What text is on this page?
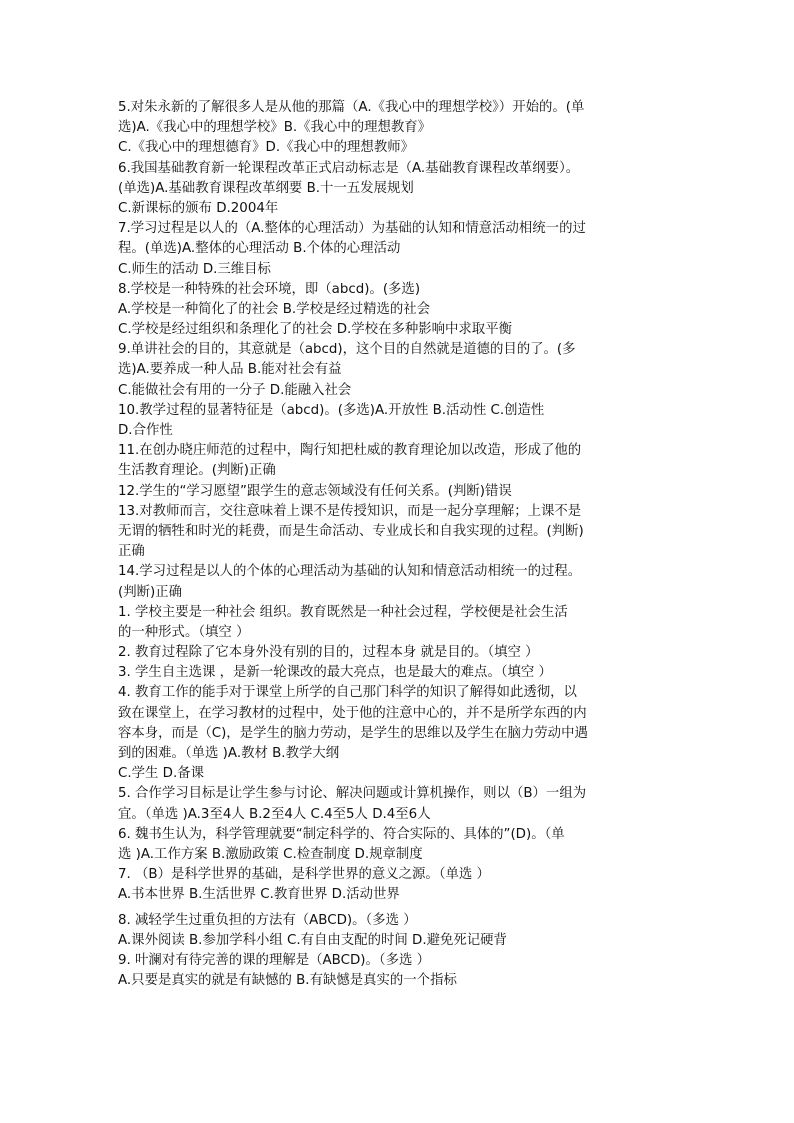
5.对朱永新的了解很多人是从他的那篇（A.《我心中的理想学校》）开始的。(单
选)A.《我心中的理想学校》B.《我心中的理想教育》
C.《我心中的理想德育》D.《我心中的理想教师》
6.我国基础教育新一轮课程改革正式启动标志是（A.基础教育课程改革纲要）。
(单选)A.基础教育课程改革纲要 B.十一五发展规划
C.新课标的颁布 D.2004年
7.学习过程是以人的（A.整体的心理活动）为基础的认知和情意活动相统一的过
程。(单选)A.整体的心理活动 B.个体的心理活动
C.师生的活动 D.三维目标
8.学校是一种特殊的社会环境，即（abcd)。(多选)
A.学校是一种简化了的社会 B.学校是经过精选的社会
C.学校是经过组织和条理化了的社会 D.学校在多种影响中求取平衡
9.单讲社会的目的，其意就是（abcd)，这个目的自然就是道德的目的了。(多
选)A.要养成一种人品 B.能对社会有益
C.能做社会有用的一分子 D.能融入社会
10.教学过程的显著特征是（abcd)。(多选)A.开放性 B.活动性 C.创造性
D.合作性
11.在创办晓庄师范的过程中，陶行知把杜威的教育理论加以改造，形成了他的
生活教育理论。(判断)正确
12.学生的“学习愿望”跟学生的意志领域没有任何关系。(判断)错误
13.对教师而言，交往意味着上课不是传授知识，而是一起分享理解；上课不是
无谓的牺牲和时光的耗费，而是生命活动、专业成长和自我实现的过程。(判断)
正确
14.学习过程是以人的个体的心理活动为基础的认知和情意活动相统一的过程。
(判断)正确
1. 学校主要是一种社会 组织。教育既然是一种社会过程，学校便是社会生活
的一种形式。（填空 ）
2. 教育过程除了它本身外没有别的目的，过程本身 就是目的。（填空 ）
3. 学生自主选课 ，是新一轮课改的最大亮点，也是最大的难点。（填空 ）
4. 教育工作的能手对于课堂上所学的自己那门科学的知识了解得如此透彻，以
致在课堂上，在学习教材的过程中，处于他的注意中心的，并不是所学东西的内
容本身，而是（C)，是学生的脑力劳动，是学生的思维以及学生在脑力劳动中遇
到的困难。（单选 )A.教材 B.教学大纲
C.学生 D.备课
5. 合作学习目标是让学生参与讨论、解决问题或计算机操作，则以（B）一组为
宜。（单选 )A.3至4人 B.2至4人 C.4至5人 D.4至6人
6. 魏书生认为，科学管理就要“制定科学的、符合实际的、具体的”(D)。（单
选 )A.工作方案 B.激励政策 C.检查制度 D.规章制度
7. （B）是科学世界的基础，是科学世界的意义之源。（单选 ）
A.书本世界 B.生活世界 C.教育世界 D.活动世界
8. 减轻学生过重负担的方法有（ABCD)。（多选 ）
A.课外阅读 B.参加学科小组 C.有自由支配的时间 D.避免死记硬背
9. 叶澜对有待完善的课的理解是（ABCD)。（多选 ）
A.只要是真实的就是有缺憾的 B.有缺憾是真实的一个指标
